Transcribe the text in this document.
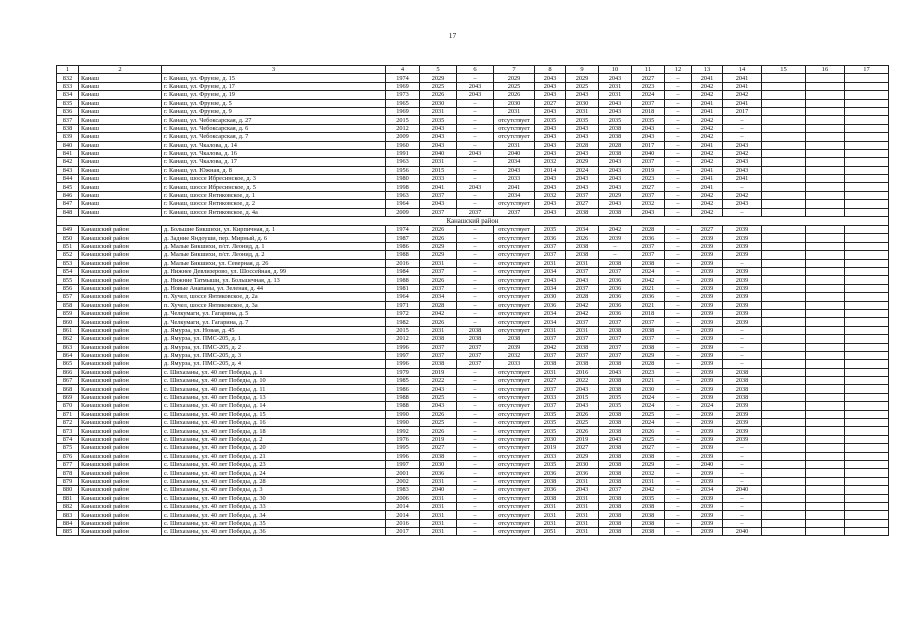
17
1	2	3	4	5	6	7	8	9	10	11	12	13	14	15	16	17
832	Канаш	г. Канаш, ул. Фрунзе, д. 15	1974	2029	–	2029	2043	2029	2043	2027	–	2041	2041			
833	Канаш	г. Канаш, ул. Фрунзе, д. 17	1969	2025	2043	2025	2043	2025	2031	2023	–	2042	2041			
834	Канаш	г. Канаш, ул. Фрунзе, д. 19	1973	2026	2043	2026	2043	2043	2031	2024	–	2042	2042			
835	Канаш	г. Канаш, ул. Фрунзе, д. 5	1965	2030	–	2030	2027	2030	2043	2037	–	2041	2041			
836	Канаш	г. Канаш, ул. Фрунзе, д. 9	1969	2031	–	2031	2043	2031	2043	2018	–	2041	2017			
837	Канаш	г. Канаш, ул. Чебоксарская, д. 27	2015	2035	–	отсутствует	2035	2035	2035	2035	–	2042	–			
838	Канаш	г. Канаш, ул. Чебоксарская, д. 6	2012	2043	–	отсутствует	2043	2043	2038	2043	–	2042	–			
839	Канаш	г. Канаш, ул. Чебоксарская, д. 7	2009	2043	–	отсутствует	2043	2043	2038	2043	–	2042	–			
840	Канаш	г. Канаш, ул. Чкалова, д. 14	1960	2043	–	2031	2043	2028	2028	2017	–	2041	2043			
841	Канаш	г. Канаш, ул. Чкалова, д. 16	1991	2040	2043	2040	2043	2043	2038	2040	–	2042	2042			
842	Канаш	г. Канаш, ул. Чкалова, д. 17	1963	2031	–	2034	2032	2029	2043	2037	–	2042	2043			
843	Канаш	г. Канаш, ул. Южная, д. 8	1956	2015	–	2043	2014	2024	2043	2019	–	2041	2043			
844	Канаш	г. Канаш, шоссе Ибресинское, д. 3	1980	2033	–	2033	2043	2043	2043	2023	–	2041	2041			
845	Канаш	г. Канаш, шоссе Ибресинское, д. 5	1998	2041	2043	2041	2043	2043	2043	2027	–	2041	–			
846	Канаш	г. Канаш, шоссе Янтиковское, д. 1	1963	2037	–	2034	2032	2037	2029	2037	–	2042	2042			
847	Канаш	г. Канаш, шоссе Янтиковское, д. 2	1964	2043	–	отсутствует	2043	2027	2043	2032	–	2042	2043			
848	Канаш	г. Канаш, шоссе Янтиковское, д. 4а	2009	2037	2037	2037	2043	2038	2038	2043	–	2042	–			
Канашский район																
849	Канашский район	д. Большие Бикшихи, ул. Кирпичная, д. 1	1974	2026	–	отсутствует	2035	2034	2042	2028	–	2027	2039			
850	Канашский район	д. Задние Яндоуши, пер. Мирный, д. 6	1987	2026	–	отсутствует	2036	2026	2039	2036	–	2039	2039			
851	Канашский район	д. Малые Бикшихи, п/ст. Леонид, д. 1	1986	2029	–	отсутствует	2037	2038	–	2037	–	2039	2039			
852	Канашский район	д. Малые Бикшихи, п/ст. Леонид, д. 2	1988	2029	–	отсутствует	2037	2038	–	2037	–	2039	2039			
853	Канашский район	д. Малые Бикшихи, ул. Северная, д. 26	2016	2031	–	отсутствует	2031	2031	2038	2038	–	2039	–			
854	Канашский район	д. Нижнее Девлизерово, ул. Шоссейная, д. 99	1984	2037	–	отсутствует	2034	2037	2037	2024	–	2039	2039			
855	Канашский район	д. Нижние Татмыши, ул. Большечная, д. 13	1988	2026	–	отсутствует	2043	2043	2036	2042	–	2039	2039			
856	Канашский район	д. Новые Анапаны, ул. Зеленая, д. 44	1981	2037	–	отсутствует	2034	2037	2036	2021	–	2039	2039			
857	Канашский район	п. Хучел, шоссе Янтиковское, д. 2а	1964	2034	–	отсутствует	2030	2028	2036	2036	–	2039	2039			
858	Канашский район	п. Хучел, шоссе Янтиковское, д. 3а	1971	2028	–	отсутствует	2036	2042	2036	2021	–	2039	2039			
859	Канашский район	д. Челкумаги, ул. Гагарина, д. 5	1972	2042	–	отсутствует	2034	2042	2036	2018	–	2039	2039			
860	Канашский район	д. Челкумаги, ул. Гагарина, д. 7	1982	2026	–	отсутствует	2034	2037	2037	2037	–	2039	2039			
861	Канашский район	д. Ямурза, ул. Новая, д. 45	2015	2031	2038	отсутствует	2031	2031	2038	2038	–	2039	–			
862	Канашский район	д. Ямурза, ул. ПМС-205, д. 1	2012	2038	2038	2038	2037	2037	2037	2037	–	2039	–			
863	Канашский район	д. Ямурза, ул. ПМС-205, д. 2	1996	2037	2037	2039	2042	2038	2037	2038	–	2039	–			
864	Канашский район	д. Ямурза, ул. ПМС-205, д. 3	1997	2037	2037	2032	2037	2037	2037	2029	–	2039	–			
865	Канашский район	д. Ямурза, ул. ПМС-205, д. 4	1996	2038	2037	2033	2038	2038	2038	2028	–	2039	–			
866	Канашский район	с. Шихазаны, ул. 40 лет Победы, д. 1	1979	2019	–	отсутствует	2031	2016	2043	2023	–	2039	2038			
867	Канашский район	с. Шихазаны, ул. 40 лет Победы, д. 10	1985	2022	–	отсутствует	2027	2022	2038	2021	–	2039	2038			
868	Канашский район	с. Шихазаны, ул. 40 лет Победы, д. 11	1986	2043	–	отсутствует	2037	2043	2038	2030	–	2039	2038			
869	Канашский район	с. Шихазаны, ул. 40 лет Победы, д. 13	1988	2025	–	отсутствует	2033	2015	2035	2024	–	2039	2038			
870	Канашский район	с. Шихазаны, ул. 40 лет Победы, д. 14	1988	2043	–	отсутствует	2037	2043	2035	2024	–	2024	2039			
871	Канашский район	с. Шихазаны, ул. 40 лет Победы, д. 15	1990	2026	–	отсутствует	2035	2026	2038	2025	–	2039	2039			
872	Канашский район	с. Шихазаны, ул. 40 лет Победы, д. 16	1990	2025	–	отсутствует	2035	2025	2038	2024	–	2039	2039			
873	Канашский район	с. Шихазаны, ул. 40 лет Победы, д. 18	1992	2026	–	отсутствует	2035	2026	2038	2026	–	2039	2039			
874	Канашский район	с. Шихазаны, ул. 40 лет Победы, д. 2	1976	2019	–	отсутствует	2030	2019	2043	2025	–	2039	2039			
875	Канашский район	с. Шихазаны, ул. 40 лет Победы, д. 20	1995	2027	–	отсутствует	2019	2027	2038	2027	–	2039	–			
876	Канашский район	с. Шихазаны, ул. 40 лет Победы, д. 21	1996	2038	–	отсутствует	2033	2029	2038	2038	–	2039	–			
877	Канашский район	с. Шихазаны, ул. 40 лет Победы, д. 23	1997	2030	–	отсутствует	2035	2030	2038	2029	–	2040	–			
878	Канашский район	с. Шихазаны, ул. 40 лет Победы, д. 24	2001	2036	–	отсутствует	2036	2036	2038	2032	–	2039	–			
879	Канашский район	с. Шихазаны, ул. 40 лет Победы, д. 28	2002	2031	–	отсутствует	2038	2031	2038	2031	–	2039	–			
880	Канашский район	с. Шихазаны, ул. 40 лет Победы, д. 3	1983	2040	–	отсутствует	2036	2043	2037	2042	–	2034	2040			
881	Канашский район	с. Шихазаны, ул. 40 лет Победы, д. 30	2006	2031	–	отсутствует	2038	2031	2038	2035	–	2039	–			
882	Канашский район	с. Шихазаны, ул. 40 лет Победы, д. 33	2014	2031	–	отсутствует	2031	2031	2038	2038	–	2039	–			
883	Канашский район	с. Шихазаны, ул. 40 лет Победы, д. 34	2014	2031	–	отсутствует	2031	2031	2038	2038	–	2039	–			
884	Канашский район	с. Шихазаны, ул. 40 лет Победы, д. 35	2016	2031	–	отсутствует	2031	2031	2038	2038	–	2039	–			
885	Канашский район	с. Шихазаны, ул. 40 лет Победы, д. 36	2017	2031	–	отсутствует	2051	2031	2038	2038	–	2039	2040			
